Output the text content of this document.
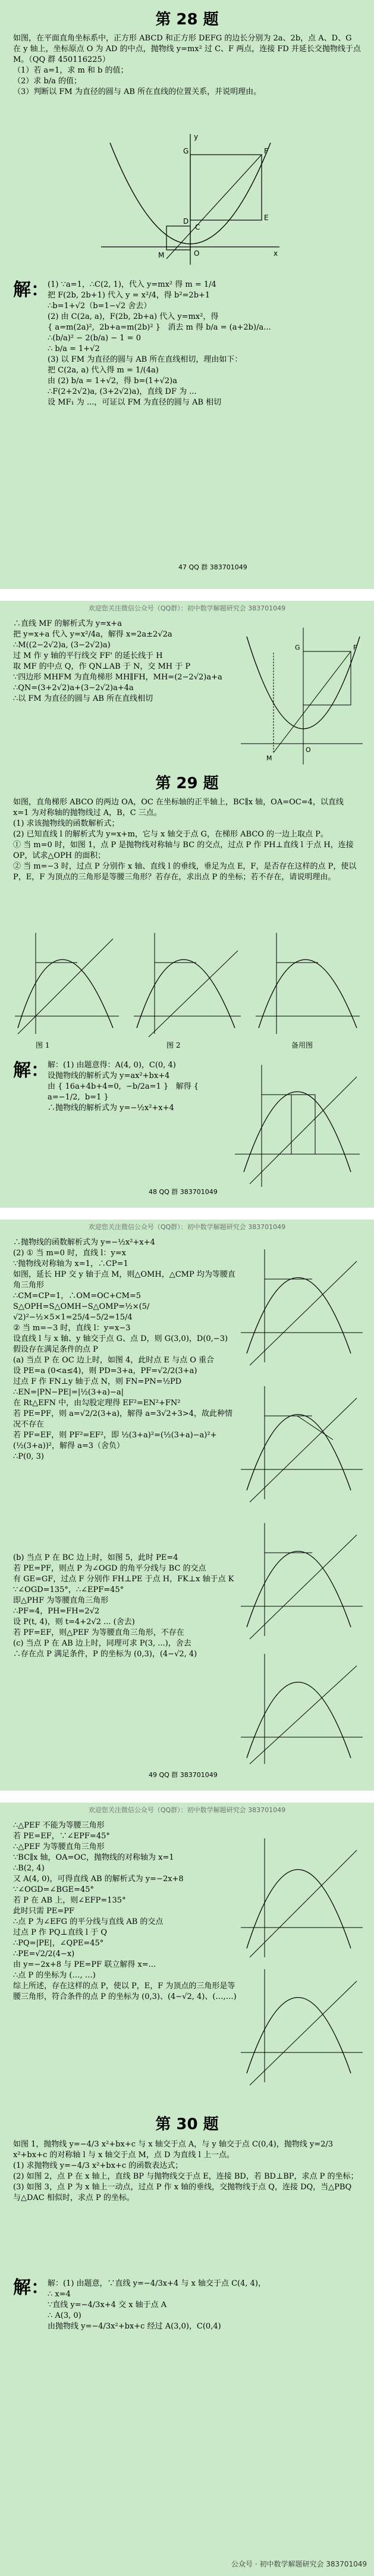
第 28 题
如图，在平面直角坐标系中，正方形 ABCD 和正方形 DEFG 的边长分别为 2a、2b，点 A、D、G 在 y 轴上，坐标原点 O 为 AD 的中点，抛物线 y=mx² 过 C、F 两点，连接 FD 并延长交抛物线于点 M。（QQ 群 450116225）
（1）若 a=1，求 m 和 b 的值；
（2）求 b/a 的值；
（3）判断以 FM 为直径的圆与 AB 所在直线的位置关系，并说明理由。
G	F
E
D
M	O
C
x
y
解：
(1) ∵a=1，∴C(2, 1)，代入 y=mx² 得 m = 1/4
把 F(2b, 2b+1) 代入 y = x²/4，得 b²=2b+1
∴b=1+√2（b=1−√2 舍去）
(2) 由 C(2a, a)，F(2b, 2b+a) 代入 y=mx²，得
{ a=m(2a)²,  2b+a=m(2b)² }   消去 m 得 b/a = (a+2b)/a...
∴(b/a)² − 2(b/a) − 1 = 0
∴ b/a = 1+√2
(3) 以 FM 为直径的圆与 AB 所在直线相切，理由如下：
把 C(2a, a) 代入得 m = 1/(4a)
由 (2) b/a = 1+√2，得 b=(1+√2)a
∴F(2+2√2)a, (3+2√2)a)，直线 DF 为 ...
设 MF₁ 为 ...，可证以 FM 为直径的圆与 AB 相切
47 QQ 群 383701049
欢迎您关注微信公众号（QQ群）：初中数学解题研究会 383701049
∴直线 MF 的解析式为 y=x+a
把 y=x+a 代入 y=x²/4a，解得 x=2a±2√2a
∴M((2−2√2)a, (3−2√2)a)
过 M 作 y 轴的平行线交 FF' 的延长线于 H
取 MF 的中点 Q，作 QN⊥AB 于 N，交 MH 于 P
∵四边形 MHFM 为直角梯形 MH∥FH，MH=(2−2√2)a+a
∴QN=(3+2√2)a+(3−2√2)a+4a
∴以 FM 为直径的圆与 AB 所在直线相切
G	F
M
O
第 29 题
如图，直角梯形 ABCO 的两边 OA，OC 在坐标轴的正半轴上，BC∥x 轴，OA=OC=4，以直线 x=1 为对称轴的抛物线过 A，B，C 三点。
(1) 求该抛物线的函数解析式；
(2) 已知直线 l 的解析式为 y=x+m，它与 x 轴交于点 G，在梯形 ABCO 的一边上取点 P。
① 当 m=0 时，如图 1，点 P 是抛物线对称轴与 BC 的交点，过点 P 作 PH⊥直线 l 于点 H，连接 OP，试求△OPH 的面积；
② 当 m=−3 时，过点 P 分别作 x 轴、直线 l 的垂线，垂足为点 E，F，是否存在这样的点 P，使以 P，E，F 为顶点的三角形是等腰三角形？若存在，求出点 P 的坐标；若不存在，请说明理由。
图 1	图 2	备用图
解：
解：(1) 由题意得：A(4, 0)，C(0, 4)
设抛物线的解析式为 y=ax²+bx+4
由 { 16a+4b+4=0,  −b/2a=1 }   解得 { a=−1/2,  b=1 }
∴抛物线的解析式为 y=−½x²+x+4
48 QQ 群 383701049
欢迎您关注微信公众号（QQ群）：初中数学解题研究会 383701049
∴抛物线的函数解析式为 y=−½x²+x+4
(2) ① 当 m=0 时，直线 l：y=x
∵抛物线对称轴为 x=1，∴CP=1
如图，延长 HP 交 y 轴于点 M，则△OMH，△CMP 均为等腰直角三角形
∴CM=CP=1，∴OM=OC+CM=5
S△OPH=S△OMH−S△OMP=½×(5/√2)²−½×5×1=25/4−5/2=15/4
② 当 m=−3 时，直线 l：y=x−3
设直线 l 与 x 轴、y 轴交于点 G、点 D，则 G(3,0)，D(0,−3)
假设存在满足条件的点 P
(a) 当点 P 在 OC 边上时，如图 4，此时点 E 与点 O 重合
设 PE=a (0<a≤4)，则 PD=3+a，PF=√2/2(3+a)
过点 F 作 FN⊥y 轴于点 N，则 FN=PN=½PD
∴EN=|PN−PE|=|½(3+a)−a|
在 Rt△EFN 中，由勾股定理得 EF²=EN²+FN²
若 PE=PF，则 a=√2/2(3+a)，解得 a=3√2+3>4，故此种情况不存在
若 PF=EF，则 PF²=EF²，即 ½(3+a)²=(½(3+a)−a)²+(½(3+a))²，解得 a=3（舍负）
∴P(0, 3)
(b) 当点 P 在 BC 边上时，如图 5，此时 PE=4
若 PE=PF，则点 P 为∠OGD 的角平分线与 BC 的交点
有 GE=GF，过点 F 分别作 FH⊥PE 于点 H，FK⊥x 轴于点 K
∵∠OGD=135°，∴∠EPF=45°
即△PHF 为等腰直角三角形
∴PF=4，PH=FH=2√2
设 P(t, 4)，则 t=4+2√2 ... (舍去)
若 PF=EF，则△PEF 为等腰直角三角形，不存在
(c) 当点 P 在 AB 边上时，同理可求 P(3, ...)，舍去
∴存在点 P 满足条件，P 的坐标为 (0,3)，(4−√2, 4)
49 QQ 群 383701049
欢迎您关注微信公众号（QQ群）：初中数学解题研究会 383701049
∴△PEF 不能为等腰三角形
若 PE=EF，∵∠EPF=45°
∴△PEF 为等腰直角三角形
∵BC∥x 轴，OA=OC，抛物线的对称轴为 x=1
∴B(2, 4)
又 A(4, 0)，可得直线 AB 的解析式为 y=−2x+8
∵∠OGD=∠BGE=45°
若 P 在 AB 上，则∠EFP=135°
此时只需 PE=PF
∴点 P 为∠EFG 的平分线与直线 AB 的交点
过点 P 作 PQ⊥直线 l 于 Q
∴PQ=|PE|，∠QPE=45°
∴PE=√2/2(4−x)
由 y=−2x+8 与 PE=PF 联立解得 x=...
∴点 P 的坐标为 (…, …)
综上所述，存在这样的点 P，使以 P，E，F 为顶点的三角形是等腰三角形，符合条件的点 P 的坐标为 (0,3)、(4−√2, 4)、(…,…)
第 30 题
如图 1，抛物线 y=−4/3 x²+bx+c 与 x 轴交于点 A，与 y 轴交于点 C(0,4)，抛物线 y=2/3 x²+bx+c 的对称轴 l 与 x 轴交于点 M，点 D 为直线 l 上一点。
(1) 求抛物线 y=−4/3 x²+bx+c 的函数表达式；
(2) 如图 2，点 P 在 x 轴上，直线 BP 与抛物线交于点 E，连接 BD，若 BD⊥BP，求点 P 的坐标；
(3) 如图 3，点 P 为 x 轴上一动点，过点 P 作 x 轴的垂线，交抛物线于点 Q，连接 DQ，当△PBQ 与△DAC 相似时，求点 P 的坐标。
解：
解：(1) 由题意，∵直线 y=−4/3x+4 与 x 轴交于点 C(4, 4)，
∴ x=4
∵直线 y=−4/3x+4 交 x 轴于点 A
∴ A(3, 0)
由抛物线 y=−4/3x²+bx+c 经过 A(3,0)，C(0,4)
公众号 · 初中数学解题研究会 383701049
